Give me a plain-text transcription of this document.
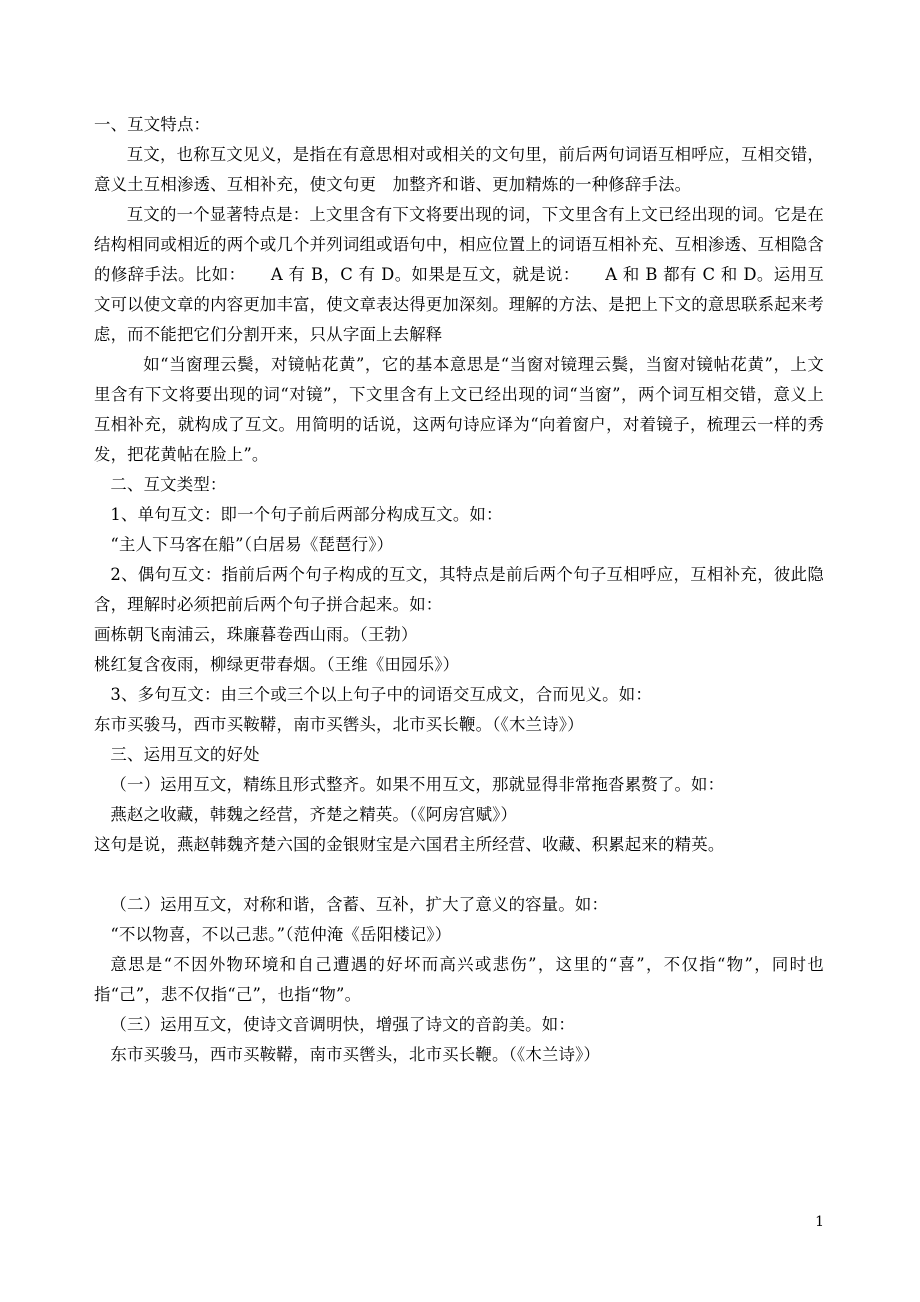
一、互文特点：

互文，也称互文见义，是指在有意思相对或相关的文句里，前后两句词语互相呼应，互相交错，意义土互相渗透、互相补充，使文句更　加整齐和谐、更加精炼的一种修辞手法。

互文的一个显著特点是：上文里含有下文将要出现的词，下文里含有上文已经出现的词。它是在结构相同或相近的两个或几个并列词组或语句中，相应位置上的词语互相补充、互相渗透、互相隐含的修辞手法。比如：　　A 有 B，C 有 D。如果是互文，就是说：　　A 和 B 都有 C 和 D。运用互文可以使文章的内容更加丰富，使文章表达得更加深刻。理解的方法、是把上下文的意思联系起来考虑，而不能把它们分割开来，只从字面上去解释

如“当窗理云鬓，对镜帖花黄”，它的基本意思是“当窗对镜理云鬓，当窗对镜帖花黄”，上文里含有下文将要出现的词“对镜”，下文里含有上文已经出现的词“当窗”，两个词互相交错，意义上互相补充，就构成了互文。用简明的话说，这两句诗应译为“向着窗户，对着镜子，梳理云一样的秀发，把花黄帖在脸上”。

二、互文类型：

1、单句互文：即一个句子前后两部分构成互文。如：

“主人下马客在船”（白居易《琵琶行》）

2、偶句互文：指前后两个句子构成的互文，其特点是前后两个句子互相呼应，互相补充，彼此隐含，理解时必须把前后两个句子拼合起来。如：

画栋朝飞南浦云，珠廉暮卷西山雨。（王勃）

桃红复含夜雨，柳绿更带春烟。（王维《田园乐》）

3、多句互文：由三个或三个以上句子中的词语交互成文，合而见义。如：

东市买骏马，西市买鞍鞯，南市买辔头，北市买长鞭。（《木兰诗》）

三、运用互文的好处

（一）运用互文，精练且形式整齐。如果不用互文，那就显得非常拖沓累赘了。如：

燕赵之收藏，韩魏之经营，齐楚之精英。（《阿房宫赋》）

这句是说，燕赵韩魏齐楚六国的金银财宝是六国君主所经营、收藏、积累起来的精英。

（二）运用互文，对称和谐，含蓄、互补，扩大了意义的容量。如：

“不以物喜，不以己悲。”（范仲淹《岳阳楼记》）

意思是“不因外物环境和自己遭遇的好坏而高兴或悲伤”，这里的“喜”，不仅指“物”，同时也指“己”，悲不仅指“己”，也指“物”。

（三）运用互文，使诗文音调明快，增强了诗文的音韵美。如：

东市买骏马，西市买鞍鞯，南市买辔头，北市买长鞭。（《木兰诗》）

1
